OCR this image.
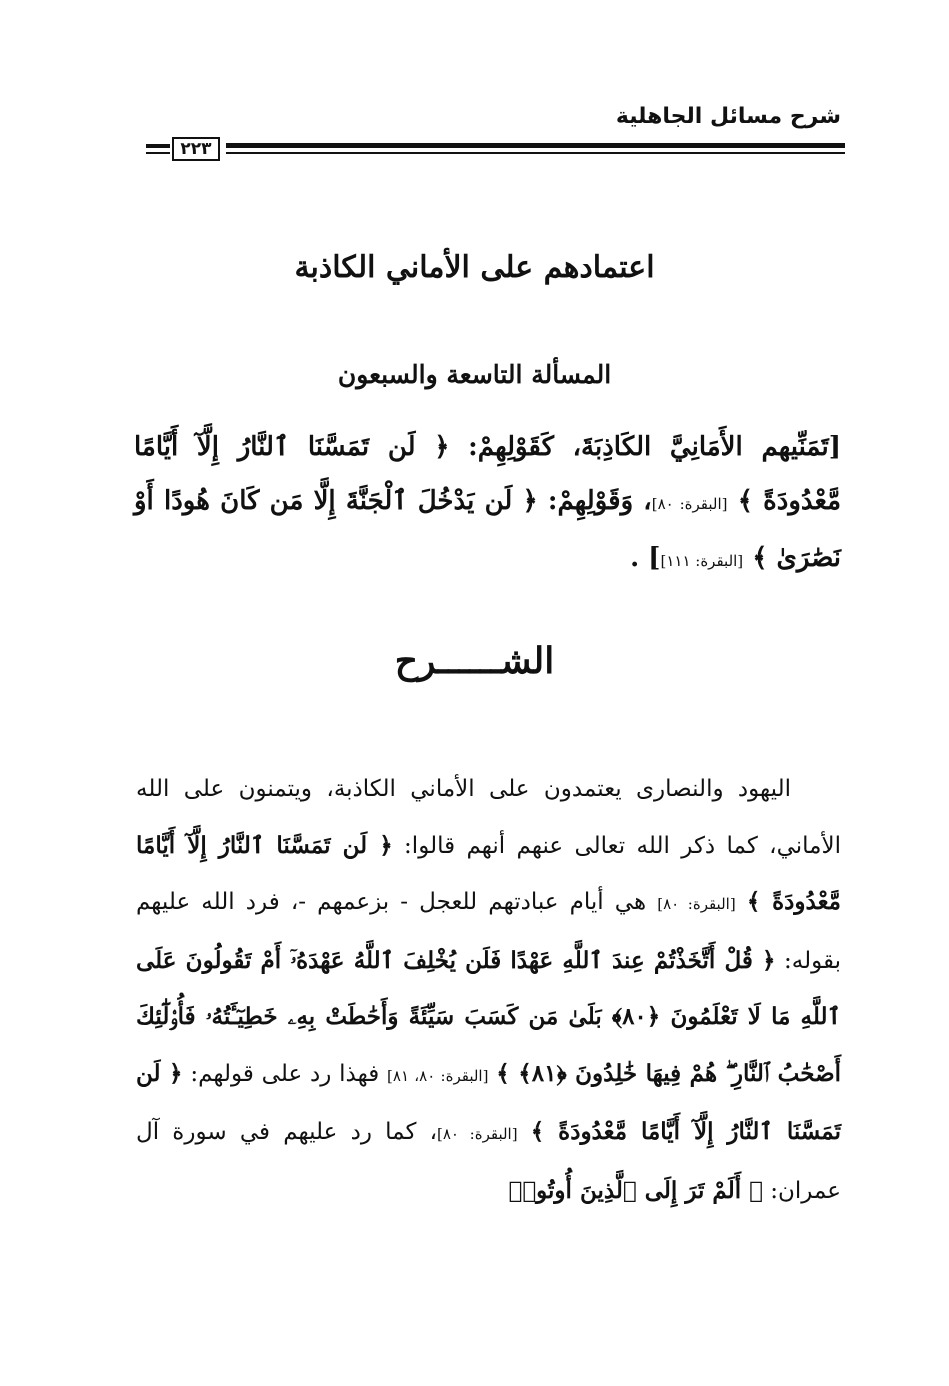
شرح مسائل الجاهلية
٢٢٣
اعتمادهم على الأماني الكاذبة
المسألة التاسعة والسبعون
[تَمَنِّيهم الأَمَانِيَّ الكَاذِبَةَ، كَقَوْلِهِمْ: ﴿ لَن تَمَسَّنَا ٱلنَّارُ إِلَّآ أَيَّامًا مَّعْدُودَةً ﴾ [البقرة: ٨٠]، وَقَوْلِهِمْ: ﴿ لَن يَدْخُلَ ٱلْجَنَّةَ إِلَّا مَن كَانَ هُودًا أَوْ نَصَٰرَىٰ ﴾ [البقرة: ١١١]] .
الشــــــرح
اليهود والنصارى يعتمدون على الأماني الكاذبة، ويتمنون على الله الأماني، كما ذكر الله تعالى عنهم أنهم قالوا: ﴿ لَن تَمَسَّنَا ٱلنَّارُ إِلَّآ أَيَّامًا مَّعْدُودَةً ﴾ [البقرة: ٨٠] هي أيام عبادتهم للعجل - بزعمهم -، فرد الله عليهم بقوله: ﴿ قُلْ أَتَّخَذْتُمْ عِندَ ٱللَّهِ عَهْدًا فَلَن يُخْلِفَ ٱللَّهُ عَهْدَهُۥٓ أَمْ تَقُولُونَ عَلَى ٱللَّهِ مَا لَا تَعْلَمُونَ ﴿٨٠﴾ بَلَىٰ مَن كَسَبَ سَيِّئَةً وَأَحَٰطَتْ بِهِۦ خَطِيٓـَٔتُهُۥ فَأُو۟لَٰٓئِكَ أَصْحَٰبُ ٱلنَّارِ ۖ هُمْ فِيهَا خَٰلِدُونَ ﴿٨١﴾ ﴾ [البقرة: ٨٠، ٨١] فهذا رد على قولهم: ﴿ لَن تَمَسَّنَا ٱلنَّارُ إِلَّآ أَيَّامًا مَّعْدُودَةً ﴾ [البقرة: ٨٠]، كما رد عليهم في سورة آل عمران: ﴿ أَلَمْ تَرَ إِلَى ٱلَّذِينَ أُوتُوا۟
